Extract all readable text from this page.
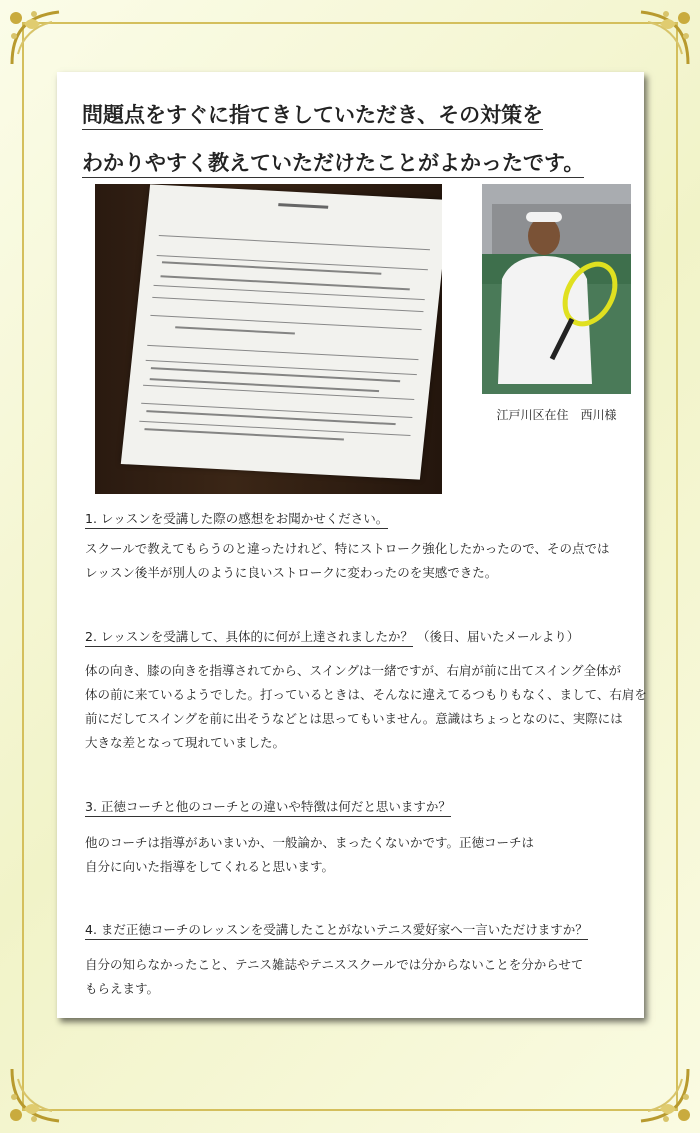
問題点をすぐに指てきしていただき、その対策を
わかりやすく教えていただけたことがよかったです。
江戸川区在住　西川様
1. レッスンを受講した際の感想をお聞かせください。
スクールで教えてもらうのと違ったけれど、特にストローク強化したかったので、その点では
レッスン後半が別人のように良いストロークに変わったのを実感できた。
2. レッスンを受講して、具体的に何が上達されましたか？ （後日、届いたメールより）
体の向き、膝の向きを指導されてから、スイングは一緒ですが、右肩が前に出てスイング全体が
体の前に来ているようでした。打っているときは、そんなに違えてるつもりもなく、まして、右肩を
前にだしてスイングを前に出そうなどとは思ってもいません。意識はちょっとなのに、実際には
大きな差となって現れていました。
3. 正徳コーチと他のコーチとの違いや特徴は何だと思いますか？
他のコーチは指導があいまいか、一般論か、まったくないかです。正徳コーチは
自分に向いた指導をしてくれると思います。
4. まだ正徳コーチのレッスンを受講したことがないテニス愛好家へ一言いただけますか？
自分の知らなかったこと、テニス雑誌やテニススクールでは分からないことを分からせて
もらえます。
